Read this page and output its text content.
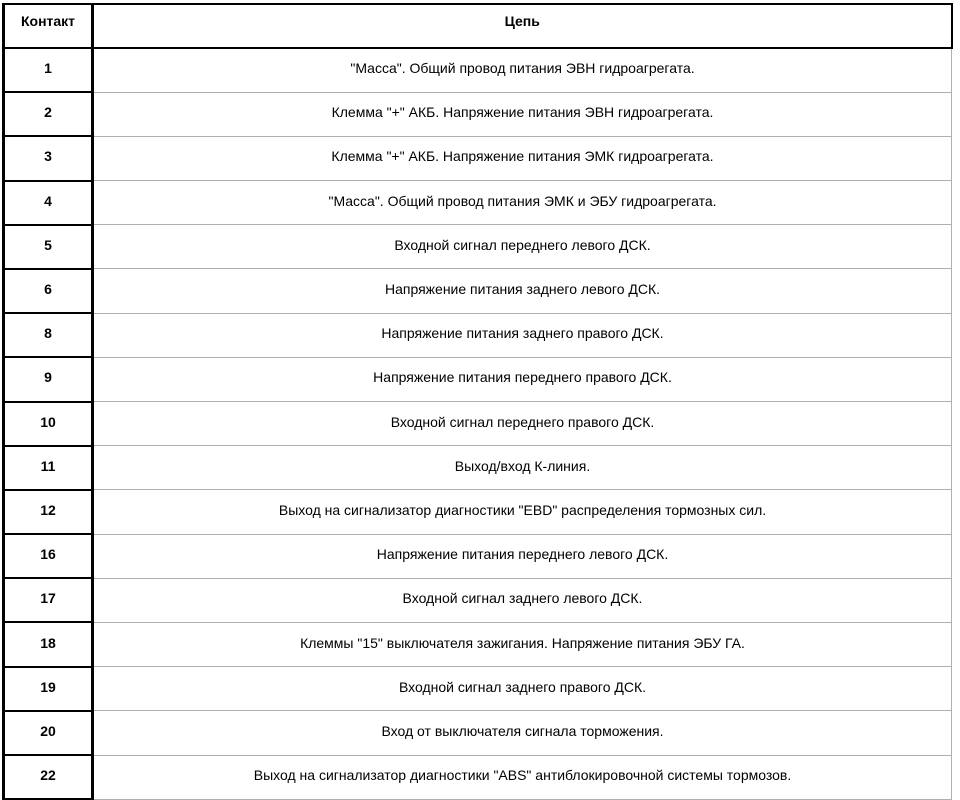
Контакт	Цепь
1	"Масса". Общий провод питания ЭВН гидроагрегата.
2	Клемма "+" АКБ. Напряжение питания ЭВН гидроагрегата.
3	Клемма "+" АКБ. Напряжение питания ЭМК гидроагрегата.
4	"Масса". Общий провод питания ЭМК и ЭБУ гидроагрегата.
5	Входной сигнал переднего левого ДСК.
6	Напряжение питания заднего левого ДСК.
8	Напряжение питания заднего правого ДСК.
9	Напряжение питания переднего правого ДСК.
10	Входной сигнал переднего правого ДСК.
11	Выход/вход К-линия.
12	Выход на сигнализатор диагностики "EBD" распределения тормозных сил.
16	Напряжение питания переднего левого ДСК.
17	Входной сигнал заднего левого ДСК.
18	Клеммы "15" выключателя зажигания. Напряжение питания ЭБУ ГА.
19	Входной сигнал заднего правого ДСК.
20	Вход от выключателя сигнала торможения.
22	Выход на сигнализатор диагностики "ABS" антиблокировочной системы тормозов.
